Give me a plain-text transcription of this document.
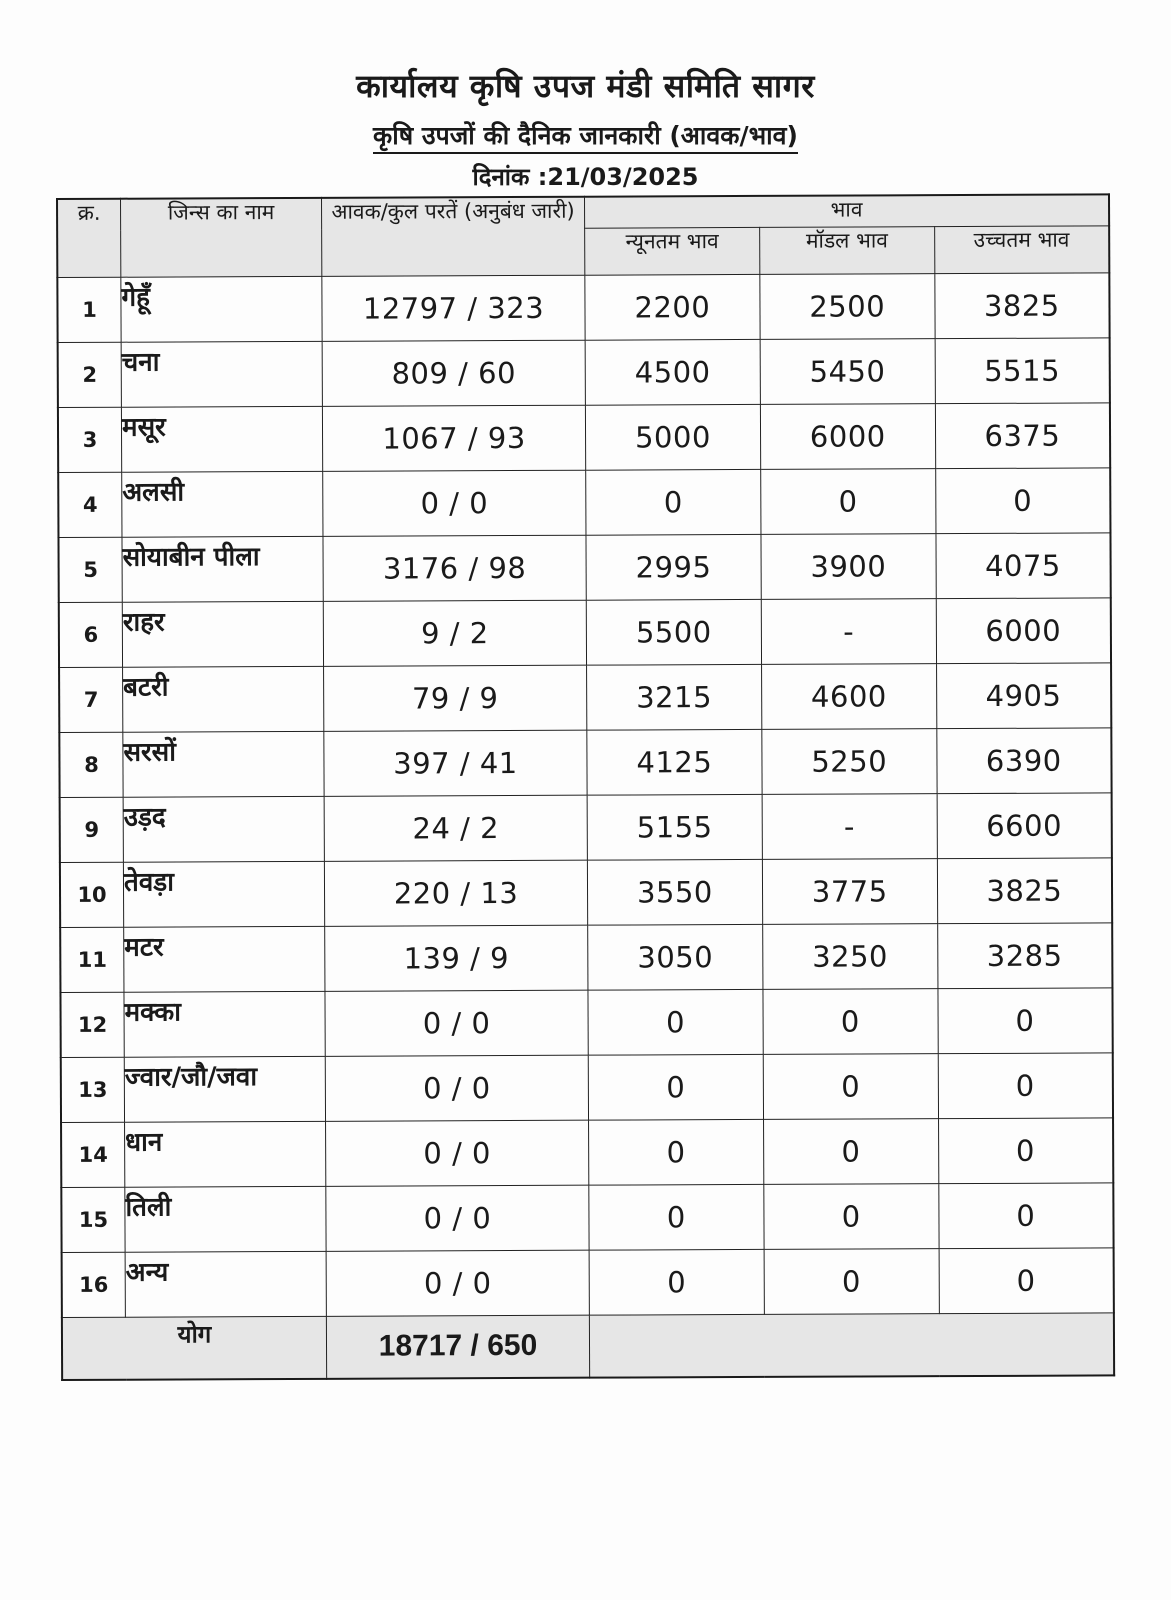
कार्यालय कृषि उपज मंडी समिति सागर
कृषि उपजों की दैनिक जानकारी (आवक/भाव)
दिनांक :21/03/2025
क्र.	जिन्स का नाम	आवक/कुल परतें (अनुबंध जारी)	भाव		
			न्यूनतम भाव	मॉडल भाव	उच्चतम भाव
1	गेहूँ	12797 / 323	2200	2500	3825
2	चना	809 / 60	4500	5450	5515
3	मसूर	1067 / 93	5000	6000	6375
4	अलसी	0 / 0	0	0	0
5	सोयाबीन पीला	3176 / 98	2995	3900	4075
6	राहर	9 / 2	5500	-	6000
7	बटरी	79 / 9	3215	4600	4905
8	सरसों	397 / 41	4125	5250	6390
9	उड़द	24 / 2	5155	-	6600
10	तेवड़ा	220 / 13	3550	3775	3825
11	मटर	139 / 9	3050	3250	3285
12	मक्का	0 / 0	0	0	0
13	ज्वार/जौ/जवा	0 / 0	0	0	0
14	धान	0 / 0	0	0	0
15	तिली	0 / 0	0	0	0
16	अन्य	0 / 0	0	0	0
योग		18717 / 650			
